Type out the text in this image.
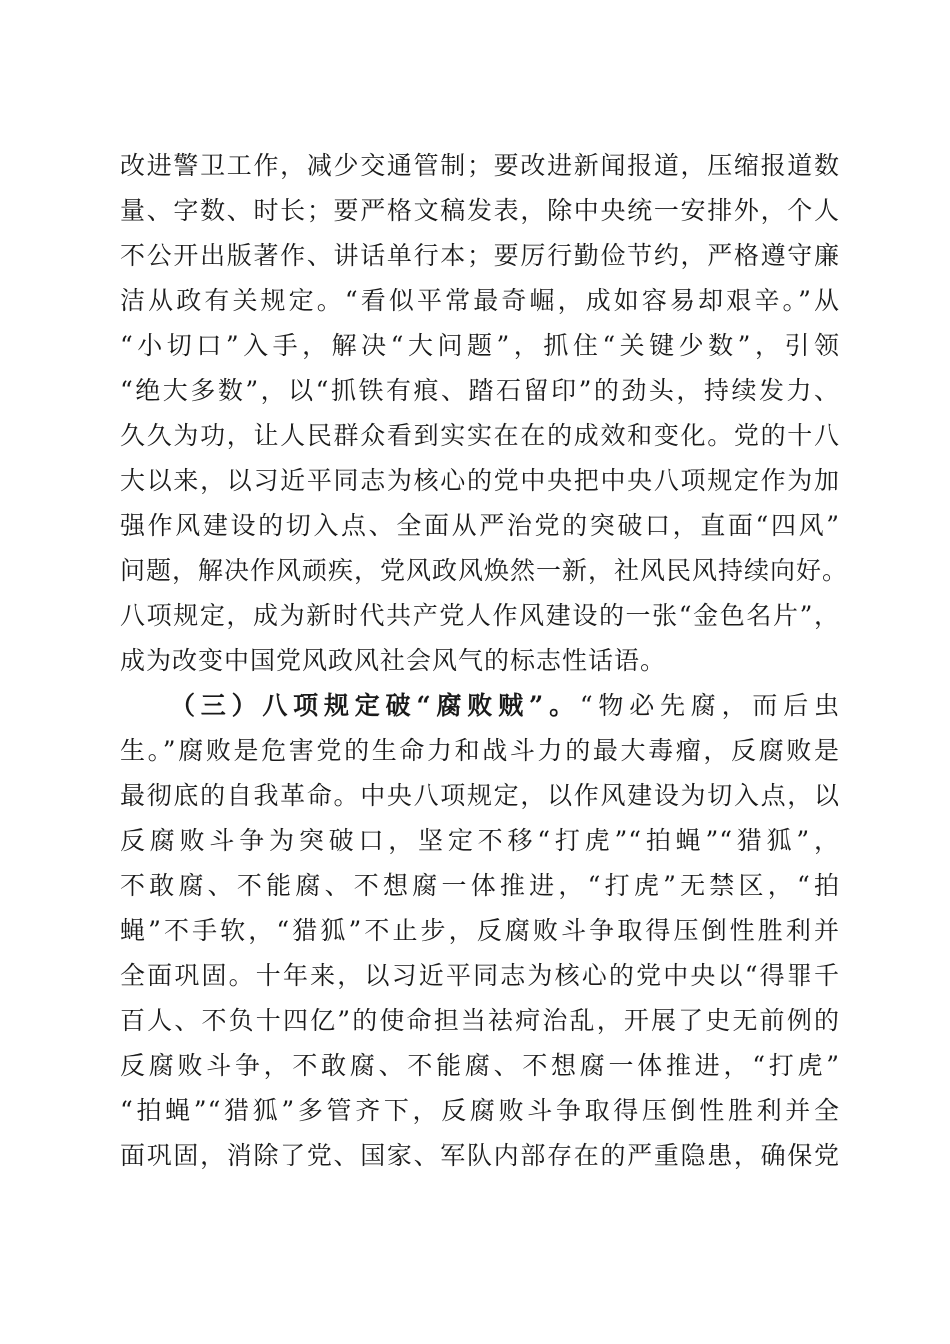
改进警卫工作，减少交通管制；要改进新闻报道，压缩报道数
量、字数、时长；要严格文稿发表，除中央统一安排外，个人
不公开出版著作、讲话单行本；要厉行勤俭节约，严格遵守廉
洁从政有关规定。“看似平常最奇崛，成如容易却艰辛。”从
“小切口”入手，解决“大问题”，抓住“关键少数”，引领
“绝大多数”，以“抓铁有痕、踏石留印”的劲头，持续发力、
久久为功，让人民群众看到实实在在的成效和变化。党的十八
大以来，以习近平同志为核心的党中央把中央八项规定作为加
强作风建设的切入点、全面从严治党的突破口，直面“四风”
问题，解决作风顽疾，党风政风焕然一新，社风民风持续向好。
八项规定，成为新时代共产党人作风建设的一张“金色名片”，
成为改变中国党风政风社会风气的标志性话语。
（三）八项规定破“腐败贼”。“物必先腐，而后虫
生。”腐败是危害党的生命力和战斗力的最大毒瘤，反腐败是
最彻底的自我革命。中央八项规定，以作风建设为切入点，以
反腐败斗争为突破口，坚定不移“打虎”“拍蝇”“猎狐”，
不敢腐、不能腐、不想腐一体推进，“打虎”无禁区，“拍
蝇”不手软，“猎狐”不止步，反腐败斗争取得压倒性胜利并
全面巩固。十年来，以习近平同志为核心的党中央以“得罪千
百人、不负十四亿”的使命担当祛疴治乱，开展了史无前例的
反腐败斗争，不敢腐、不能腐、不想腐一体推进，“打虎”
“拍蝇”“猎狐”多管齐下，反腐败斗争取得压倒性胜利并全
面巩固，消除了党、国家、军队内部存在的严重隐患，确保党
